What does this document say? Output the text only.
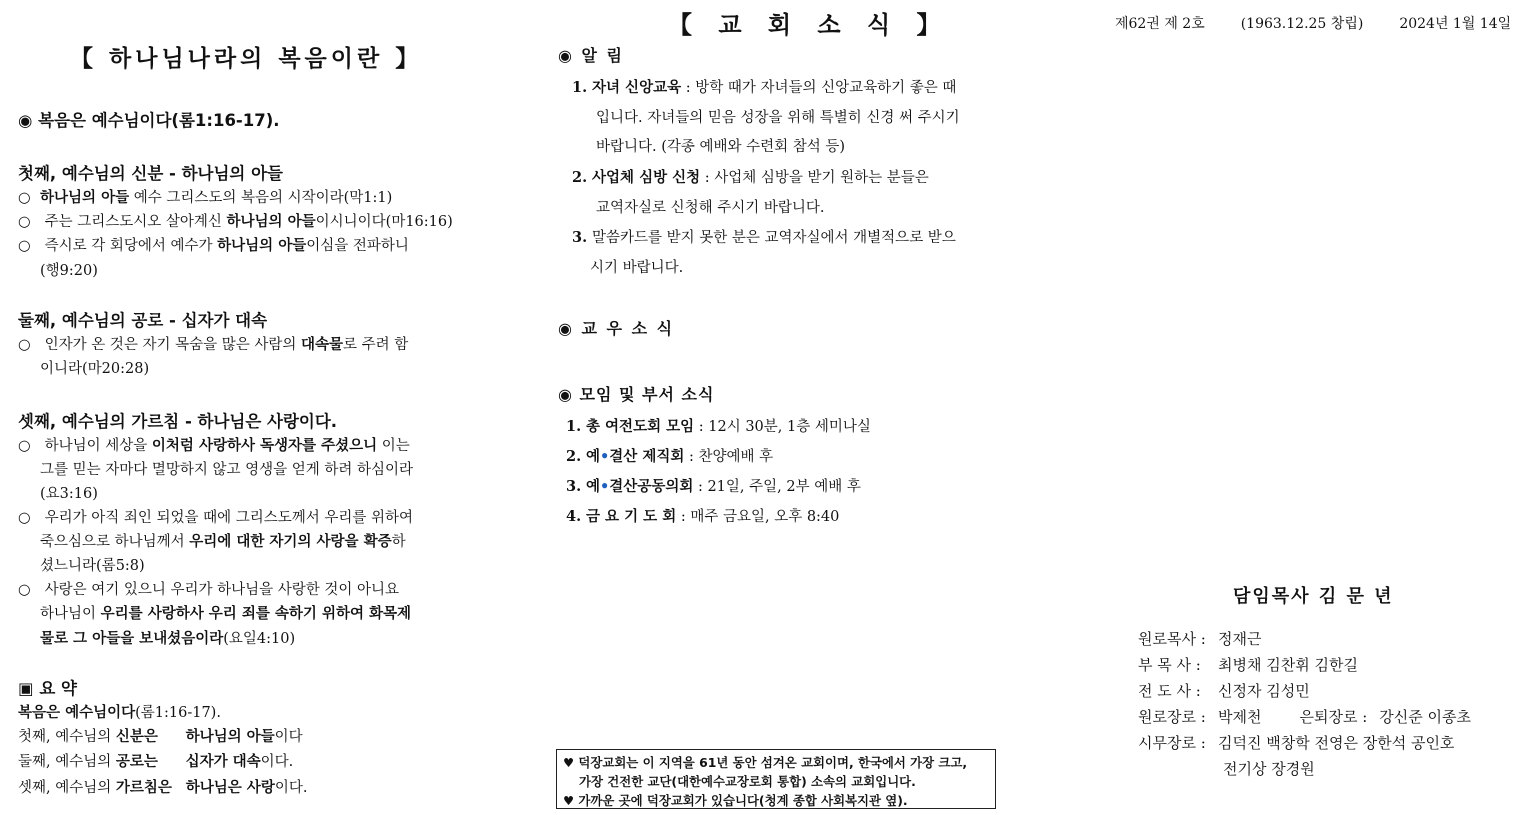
【 하나님나라의 복음이란 】
◉ 복음은 예수님이다(롬1:16-17).
첫째, 예수님의 신분 - 하나님의 아들
○ 하나님의 아들 예수 그리스도의 복음의 시작이라(막1:1)
○ 주는 그리스도시오 살아계신 하나님의 아들이시니이다(마16:16)
○ 즉시로 각 회당에서 예수가 하나님의 아들이심을 전파하니
(행9:20)
둘째, 예수님의 공로 - 십자가 대속
○ 인자가 온 것은 자기 목숨을 많은 사람의 대속물로 주려 함
이니라(마20:28)
셋째, 예수님의 가르침 - 하나님은 사랑이다.
○ 하나님이 세상을 이처럼 사랑하사 독생자를 주셨으니 이는
그를 믿는 자마다 멸망하지 않고 영생을 얻게 하려 하심이라
(요3:16)
○ 우리가 아직 죄인 되었을 때에 그리스도께서 우리를 위하여
죽으심으로 하나님께서 우리에 대한 자기의 사랑을 확증하
셨느니라(롬5:8)
○ 사랑은 여기 있으니 우리가 하나님을 사랑한 것이 아니요
하나님이 우리를 사랑하사 우리 죄를 속하기 위하여 화목제
물로 그 아들을 보내셨음이라(요일4:10)
▣ 요 약
복음은 예수님이다(롬1:16-17).
첫째, 예수님의 신분은 하나님의 아들이다
둘째, 예수님의 공로는 십자가 대속이다.
셋째, 예수님의 가르침은 하나님은 사랑이다.
【 교 회 소 식 】
◉ 알 림
1. 자녀 신앙교육 : 방학 때가 자녀들의 신앙교육하기 좋은 때
입니다. 자녀들의 믿음 성장을 위해 특별히 신경 써 주시기
바랍니다. (각종 예배와 수련회 참석 등)
2. 사업체 심방 신청 : 사업체 심방을 받기 원하는 분들은
교역자실로 신청해 주시기 바랍니다.
3. 말씀카드를 받지 못한 분은 교역자실에서 개별적으로 받으
시기 바랍니다.
◉ 교 우 소 식
◉ 모임 및 부서 소식
1. 총 여전도회 모임 : 12시 30분, 1층 세미나실
2. 예•결산 제직회 : 찬양예배 후
3. 예•결산공동의회 : 21일, 주일, 2부 예배 후
4. 금 요 기 도 회 : 매주 금요일, 오후 8:40
♥ 덕장교회는 이 지역을 61년 동안 섬겨온 교회이며, 한국에서 가장 크고,
가장 건전한 교단(대한예수교장로회 통합) 소속의 교회입니다.
♥ 가까운 곳에 덕장교회가 있습니다(청계 종합 사회복지관 옆).
제62권 제 2호	(1963.12.25 창립)	2024년 1월 14일
담임목사 김 문 년
원로목사 : 정재근
부 목 사 : 최병채 김찬휘 김한길
전 도 사 : 신정자 김성민
원로장로 : 박제천	은퇴장로 : 강신준 이종초
시무장로 : 김덕진 백창학 전영은 장한석 공인호
전기상 장경원
